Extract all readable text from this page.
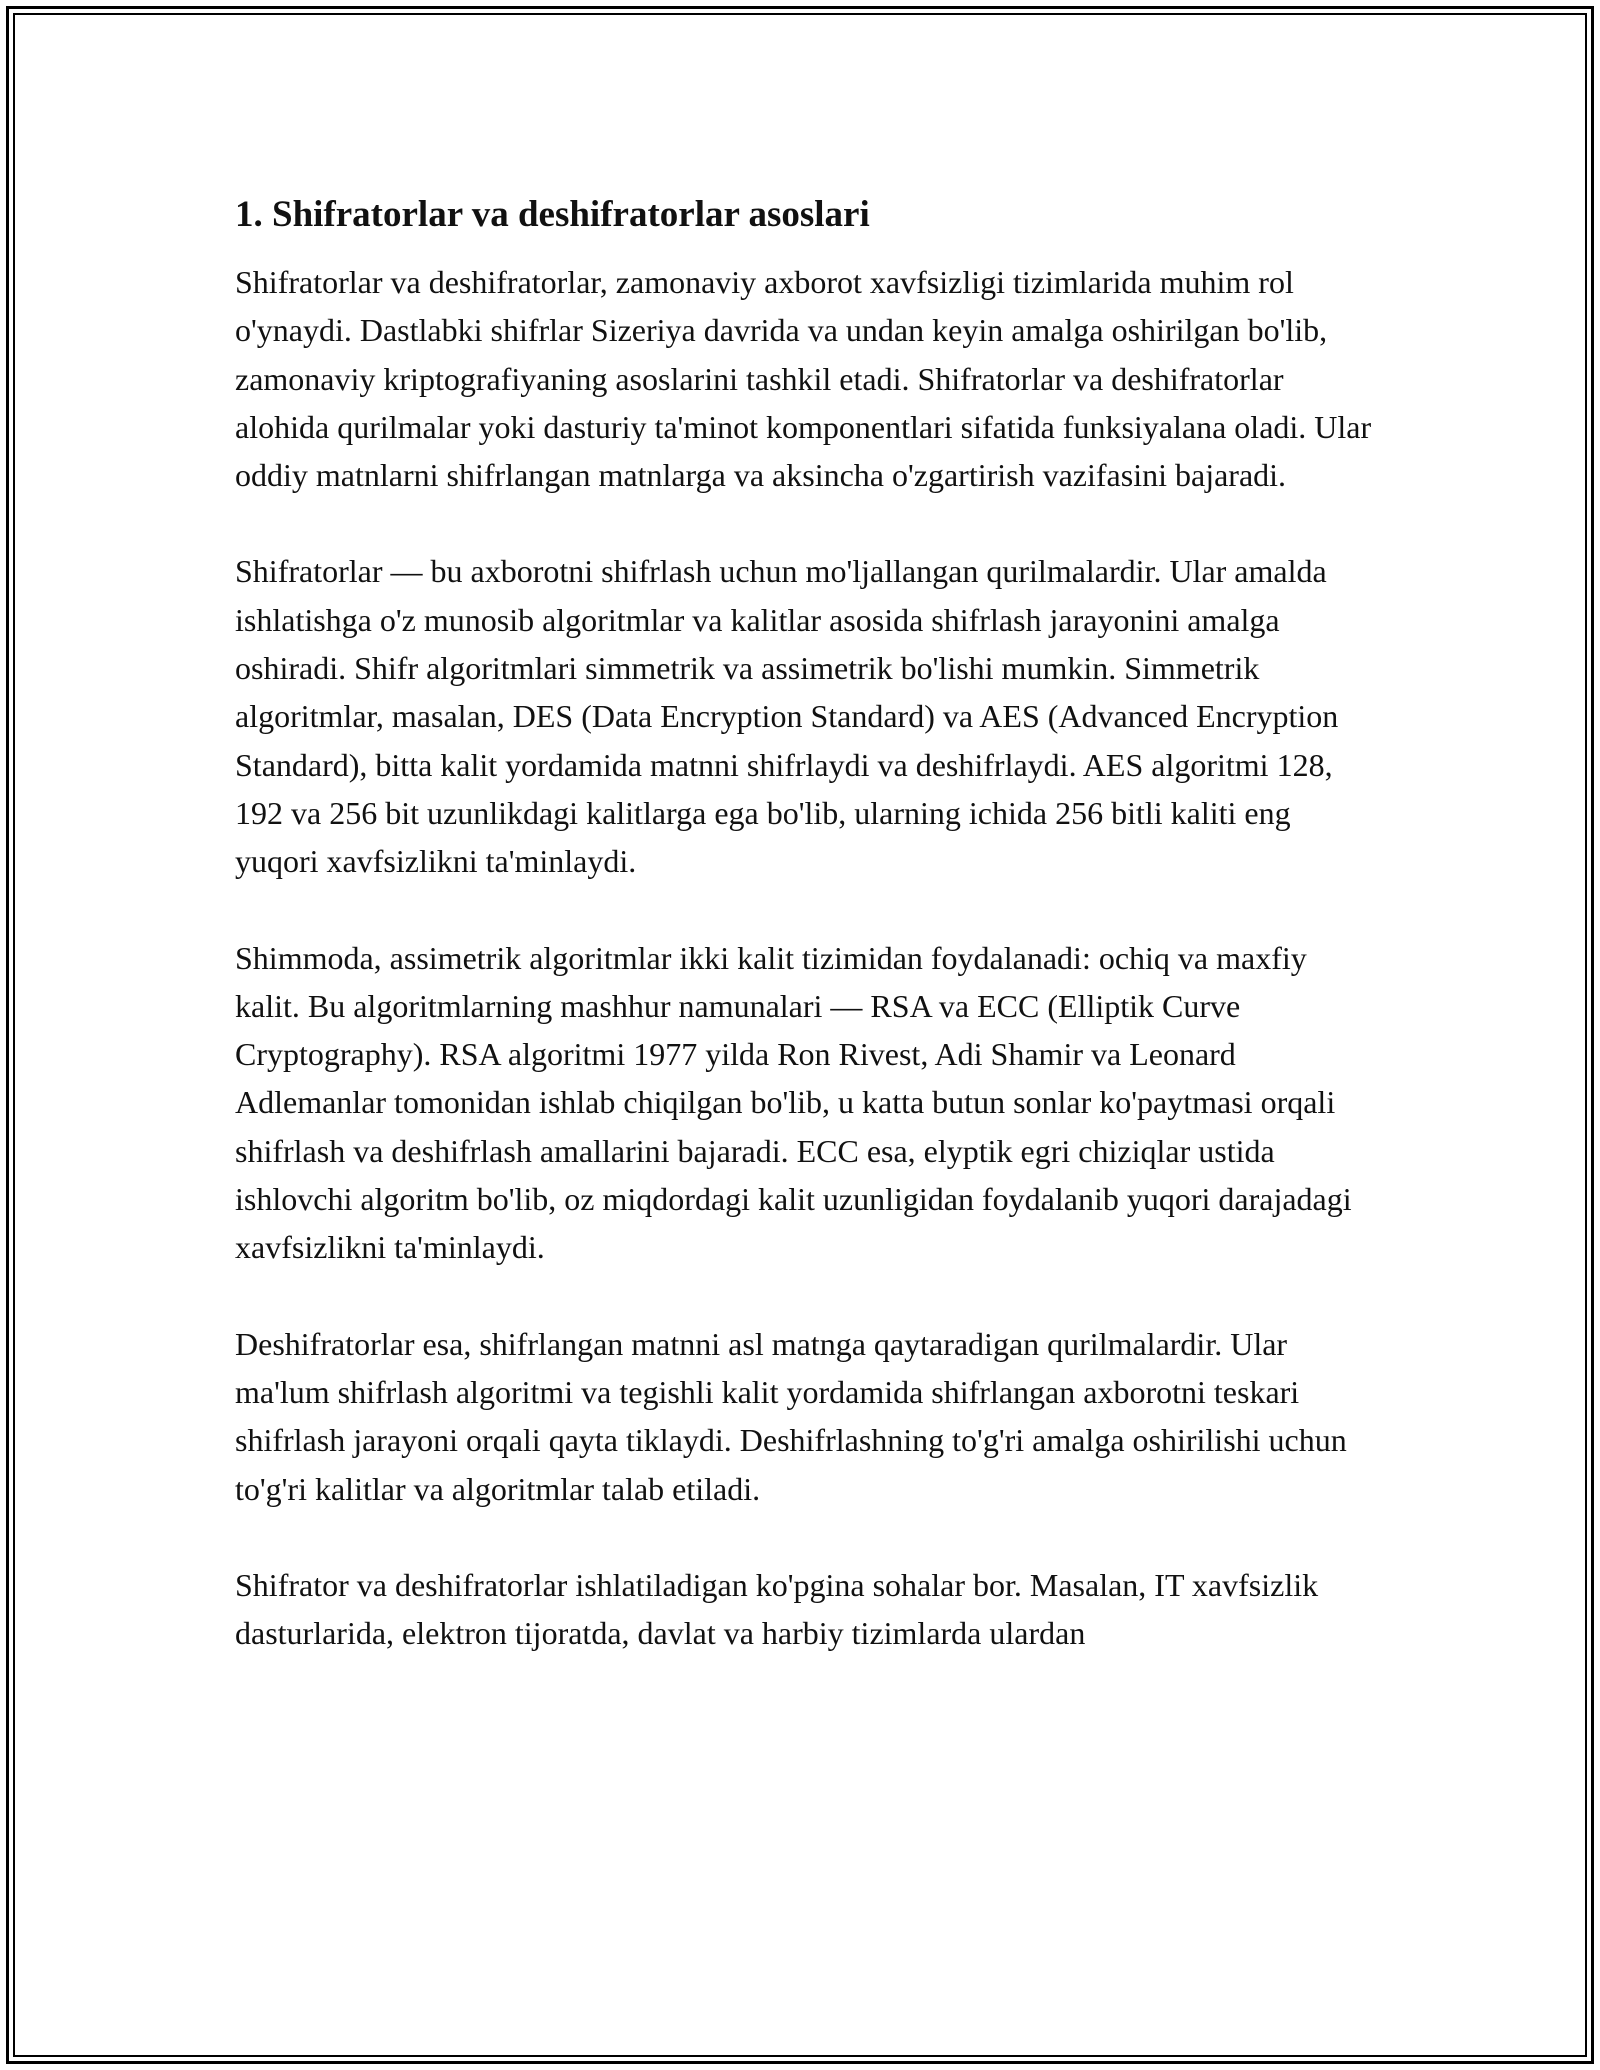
1. Shifratorlar va deshifratorlar asoslari

Shifratorlar va deshifratorlar, zamonaviy axborot xavfsizligi tizimlarida muhim rol o'ynaydi. Dastlabki shifrlar Sizeriya davrida va undan keyin amalga oshirilgan bo'lib, zamonaviy kriptografiyaning asoslarini tashkil etadi. Shifratorlar va deshifratorlar alohida qurilmalar yoki dasturiy ta'minot komponentlari sifatida funksiyalana oladi. Ular oddiy matnlarni shifrlangan matnlarga va aksincha o'zgartirish vazifasini bajaradi.

Shifratorlar — bu axborotni shifrlash uchun mo'ljallangan qurilmalardir. Ular amalda ishlatishga o'z munosib algoritmlar va kalitlar asosida shifrlash jarayonini amalga oshiradi. Shifr algoritmlari simmetrik va assimetrik bo'lishi mumkin. Simmetrik algoritmlar, masalan, DES (Data Encryption Standard) va AES (Advanced Encryption Standard), bitta kalit yordamida matnni shifrlaydi va deshifrlaydi. AES algoritmi 128, 192 va 256 bit uzunlikdagi kalitlarga ega bo'lib, ularning ichida 256 bitli kaliti eng yuqori xavfsizlikni ta'minlaydi.

Shimmoda, assimetrik algoritmlar ikki kalit tizimidan foydalanadi: ochiq va maxfiy kalit. Bu algoritmlarning mashhur namunalari — RSA va ECC (Elliptik Curve Cryptography). RSA algoritmi 1977 yilda Ron Rivest, Adi Shamir va Leonard Adlemanlar tomonidan ishlab chiqilgan bo'lib, u katta butun sonlar ko'paytmasi orqali shifrlash va deshifrlash amallarini bajaradi. ECC esa, elyptik egri chiziqlar ustida ishlovchi algoritm bo'lib, oz miqdordagi kalit uzunligidan foydalanib yuqori darajadagi xavfsizlikni ta'minlaydi.

Deshifratorlar esa, shifrlangan matnni asl matnga qaytaradigan qurilmalardir. Ular ma'lum shifrlash algoritmi va tegishli kalit yordamida shifrlangan axborotni teskari shifrlash jarayoni orqali qayta tiklaydi. Deshifrlashning to'g'ri amalga oshirilishi uchun to'g'ri kalitlar va algoritmlar talab etiladi.

Shifrator va deshifratorlar ishlatiladigan ko'pgina sohalar bor. Masalan, IT xavfsizlik dasturlarida, elektron tijoratda, davlat va harbiy tizimlarda ulardan
